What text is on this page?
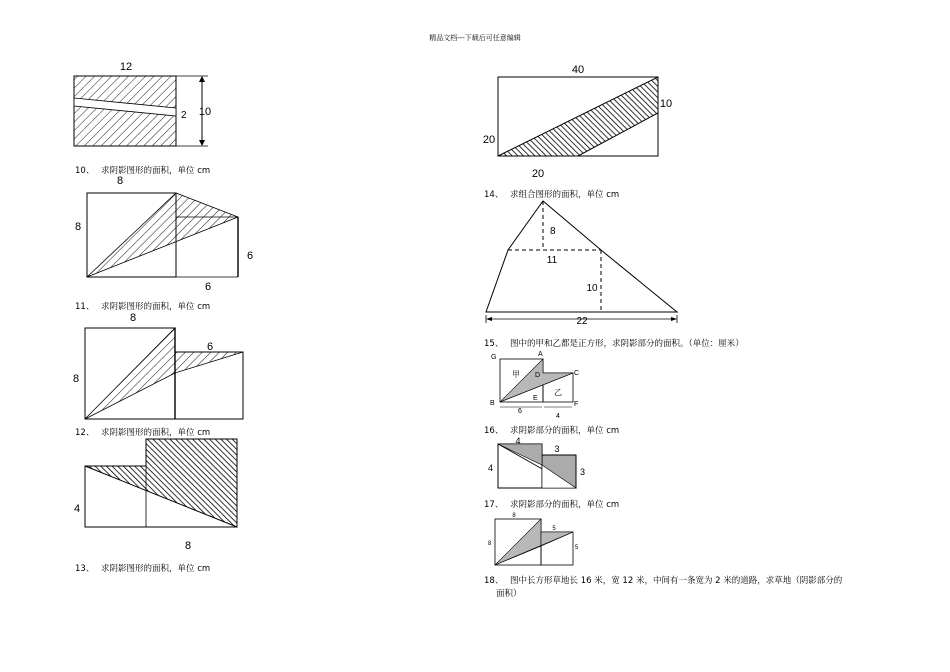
精品文档---下载后可任意编辑
12
10
2
10、 求阴影图形的面积，单位 cm
8
8
6
6
11、 求阴影图形的面积，单位 cm
8
8
6
12、 求阴影图形的面积，单位 cm
4
8
13、 求阴影图形的面积，单位 cm
40
20
10
20
14、 求组合图形的面积，单位 cm
8
11
10
22
15、 图中的甲和乙都是正方形，求阴影部分的面积。（单位：厘米）
G	A
D	C
B
E
F
甲
乙
6
4
16、 求阴影部分的面积，单位 cm
4
4
3
3
17、 求阴影部分的面积，单位 cm
8
8
5
5
18、 图中长方形草地长 16 米，宽 12 米，中间有一条宽为 2 米的道路，求草地（阴影部分的
面积）
